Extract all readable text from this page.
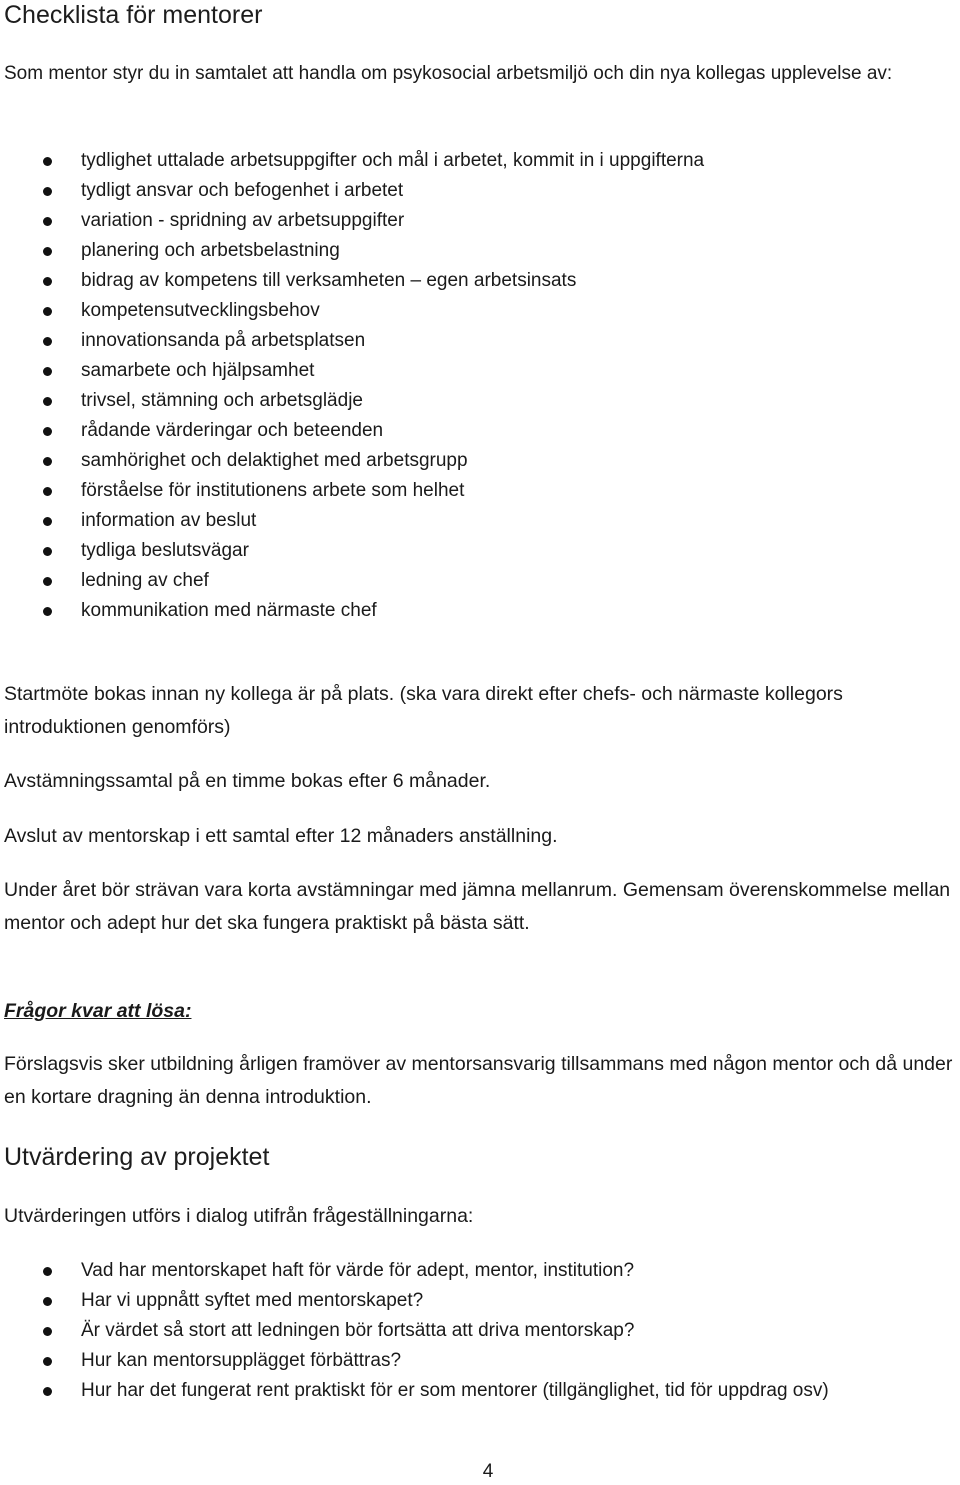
Checklista för mentorer
Som mentor styr du in samtalet att handla om psykosocial arbetsmiljö och din nya kollegas upplevelse av:
tydlighet uttalade arbetsuppgifter och mål i arbetet, kommit in i uppgifterna
tydligt ansvar och befogenhet i arbetet
variation - spridning av arbetsuppgifter
planering och arbetsbelastning
bidrag av kompetens till verksamheten – egen arbetsinsats
kompetensutvecklingsbehov
innovationsanda på arbetsplatsen
samarbete och hjälpsamhet
trivsel, stämning och arbetsglädje
rådande värderingar och beteenden
samhörighet och delaktighet med arbetsgrupp
förståelse för institutionens arbete som helhet
information av beslut
tydliga beslutsvägar
ledning av chef
kommunikation med närmaste chef
Startmöte bokas innan ny kollega är på plats. (ska vara direkt efter chefs- och närmaste kollegors introduktionen genomförs)
Avstämningssamtal på en timme bokas efter 6 månader.
Avslut av mentorskap i ett samtal efter 12 månaders anställning.
Under året bör strävan vara korta avstämningar med jämna mellanrum. Gemensam överenskommelse mellan mentor och adept hur det ska fungera praktiskt på bästa sätt.
Frågor kvar att lösa:
Förslagsvis sker utbildning årligen framöver av mentorsansvarig tillsammans med någon mentor och då under en kortare dragning än denna introduktion.
Utvärdering av projektet
Utvärderingen utförs i dialog utifrån frågeställningarna:
Vad har mentorskapet haft för värde för adept, mentor, institution?
Har vi uppnått syftet med mentorskapet?
Är värdet så stort att ledningen bör fortsätta att driva mentorskap?
Hur kan mentorsupplägget förbättras?
Hur har det fungerat rent praktiskt för er som mentorer (tillgänglighet, tid för uppdrag osv)
4
